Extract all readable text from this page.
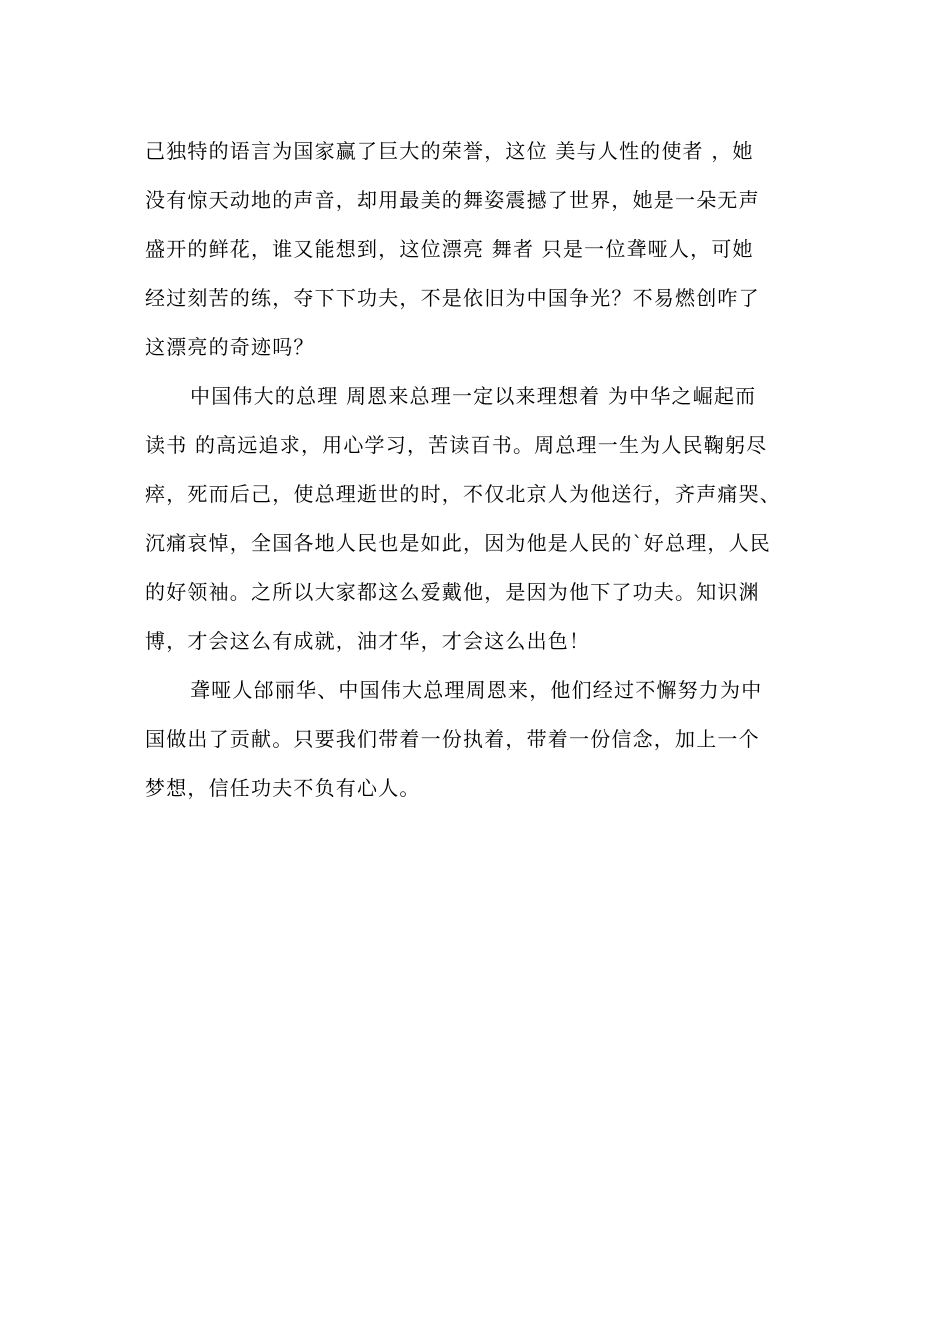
己独特的语言为国家赢了巨大的荣誉，这位 美与人性的使者 ，她
没有惊天动地的声音，却用最美的舞姿震撼了世界，她是一朵无声
盛开的鲜花，谁又能想到，这位漂亮 舞者 只是一位聋哑人，可她
经过刻苦的练，夺下下功夫，不是依旧为中国争光？不易燃创咋了
这漂亮的奇迹吗？
中国伟大的总理 周恩来总理一定以来理想着 为中华之崛起而
读书 的高远追求，用心学习，苦读百书。周总理一生为人民鞠躬尽
瘁，死而后己，使总理逝世的时，不仅北京人为他送行，齐声痛哭、
沉痛哀悼，全国各地人民也是如此，因为他是人民的`好总理，人民
的好领袖。之所以大家都这么爱戴他，是因为他下了功夫。知识渊
博，才会这么有成就，油才华，才会这么出色！
聋哑人邰丽华、中国伟大总理周恩来，他们经过不懈努力为中
国做出了贡献。只要我们带着一份执着，带着一份信念，加上一个
梦想，信任功夫不负有心人。
